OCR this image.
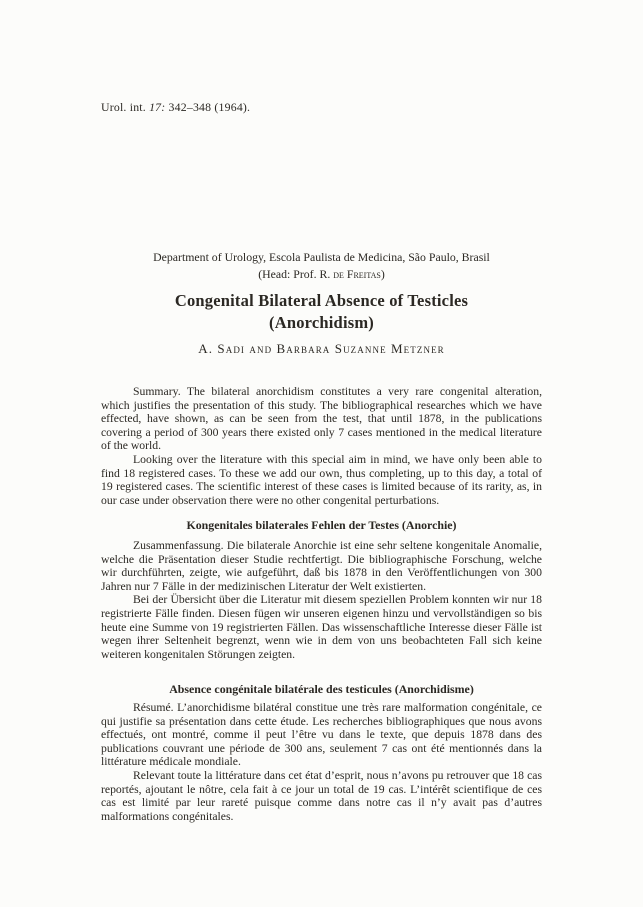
Urol. int. 17: 342–348 (1964).
Department of Urology, Escola Paulista de Medicina, São Paulo, Brasil
(Head: Prof. R. de Freitas)
Congenital Bilateral Absence of Testicles
(Anorchidism)
A. Sadi and Barbara Suzanne Metzner

Summary. The bilateral anorchidism constitutes a very rare congenital alteration, which justifies the presentation of this study. The bibliographical researches which we have effected, have shown, as can be seen from the test, that until 1878, in the publications covering a period of 300 years there existed only 7 cases mentioned in the medical literature of the world.

Looking over the literature with this special aim in mind, we have only been able to find 18 registered cases. To these we add our own, thus completing, up to this day, a total of 19 registered cases. The scientific interest of these cases is limited because of its rarity, as, in our case under observation there were no other congenital perturbations.

Kongenitales bilaterales Fehlen der Testes (Anorchie)

Zusammenfassung. Die bilaterale Anorchie ist eine sehr seltene kongenitale Anomalie, welche die Präsentation dieser Studie rechtfertigt. Die bibliographische Forschung, welche wir durchführten, zeigte, wie aufgeführt, daß bis 1878 in den Veröffentlichungen von 300 Jahren nur 7 Fälle in der medizinischen Literatur der Welt existierten.

Bei der Übersicht über die Literatur mit diesem speziellen Problem konnten wir nur 18 registrierte Fälle finden. Diesen fügen wir unseren eigenen hinzu und vervollständigen so bis heute eine Summe von 19 registrierten Fällen. Das wissenschaftliche Interesse dieser Fälle ist wegen ihrer Seltenheit begrenzt, wenn wie in dem von uns beobachteten Fall sich keine weiteren kongenitalen Störungen zeigten.

Absence congénitale bilatérale des testicules (Anorchidisme)

Résumé. L’anorchidisme bilatéral constitue une très rare malformation congénitale, ce qui justifie sa présentation dans cette étude. Les recherches bibliographiques que nous avons effectués, ont montré, comme il peut l’être vu dans le texte, que depuis 1878 dans des publications couvrant une période de 300 ans, seulement 7 cas ont été mentionnés dans la littérature médicale mondiale.

Relevant toute la littérature dans cet état d’esprit, nous n’avons pu retrouver que 18 cas reportés, ajoutant le nôtre, cela fait à ce jour un total de 19 cas. L’intérêt scientifique de ces cas est limité par leur rareté puisque comme dans notre cas il n’y avait pas d’autres malformations congénitales.
